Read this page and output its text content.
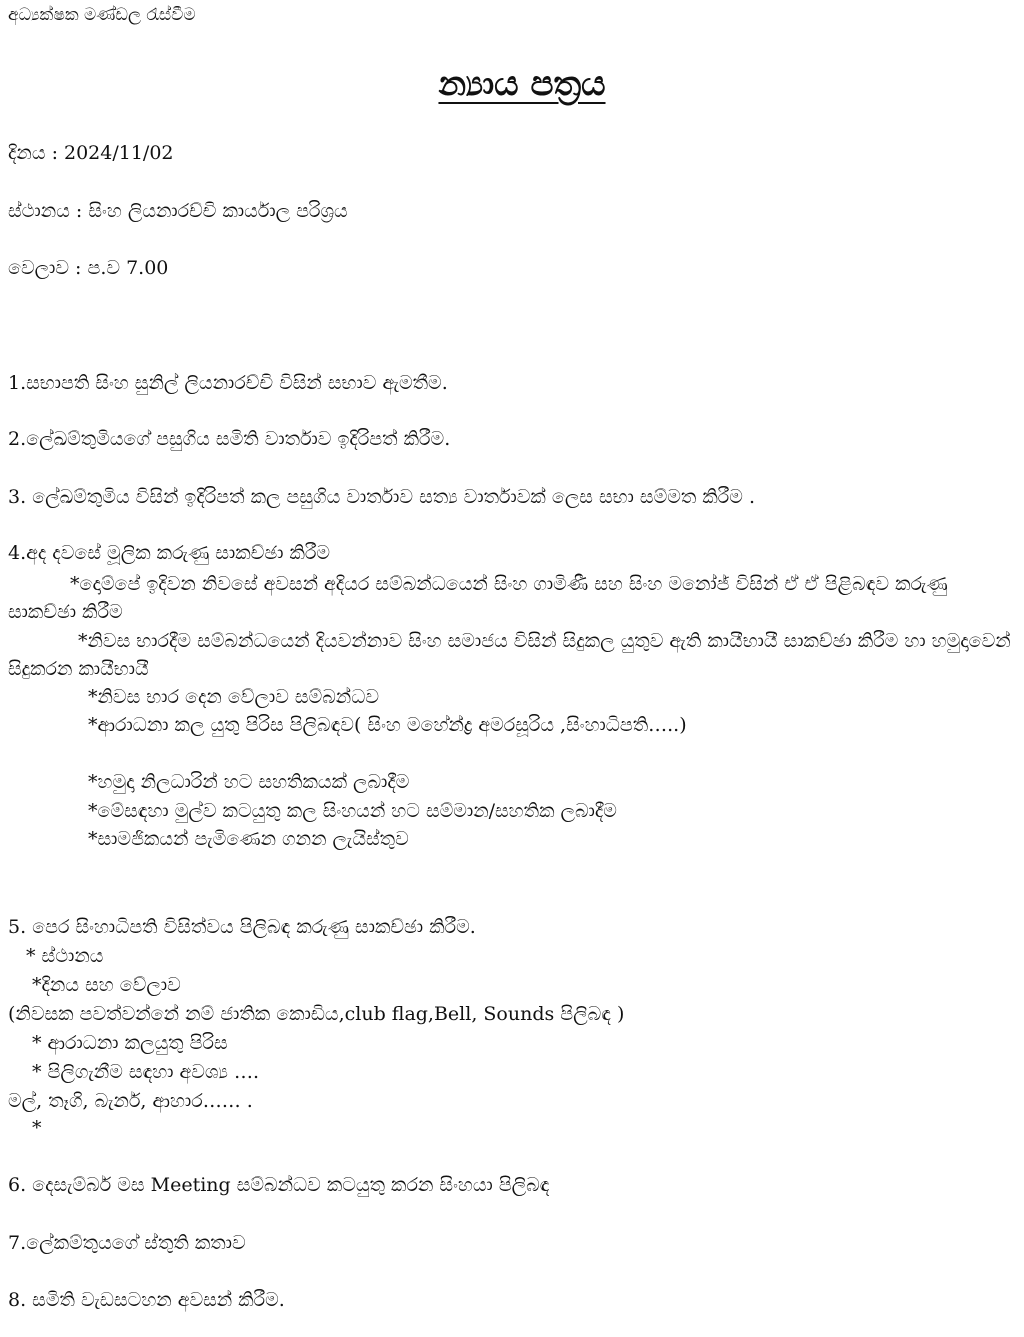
අධ්‍යක්ෂක මණ්ඩල රැස්වීම
න්‍යාය පත්‍රය
දිනය : 2024/11/02
ස්ථානය : සිංහ ලියනාරච්චි කාර්යාල පරිශ්‍රය
වෙලාව : ප.ව 7.00
1.සභාපති සිංහ සුනිල් ලියනාරච්චි විසින් සභාව ඇමතීම.
2.ලේඛම්තුමියගේ පසුගිය සමිති වාර්තාව ඉදිරිපත් කිරීම.
3. ලේඛම්තුමිය විසින් ඉදිරිපත් කල පසුගිය වාර්තාව සත්‍ය වාර්තාවක් ලෙස සභා සම්මත කිරීම .
4.අද දවසේ මූලික කරුණු සාකච්ඡා කිරීම
*දොම්පේ ඉදිවන නිවසේ අවසන් අදියර සම්බන්ධයෙන් සිංහ ගාමිණී සහ සිංහ මනෝජ් විසින් ඒ ඒ පිළිබඳව කරුණු සාකච්ඡා කිරීම
*නිවස භාරදීම සම්බන්ධයෙන් දියවන්නාව සිංහ සමාජය විසින් සිදුකල යුතුව ඇති කායීභායී සාකච්ඡා කිරීම හා හමුදාවෙන් සිදුකරන කායීභායී
*නිවස භාර දෙන වේලාව සම්බන්ධව
*ආරාධනා කල යුතු පිරිස පිලිබඳව( සිංහ මහේන්ද්‍ර අමරසූරිය ,සිංහාධිපති…..)
*හමුදා නිලධාරින් හට සහතිකයක් ලබාදීම
*මේසඳහා මුල්ව කටයුතු කල සිංහයන් හට සම්මාන/සහතික ලබාදීම
*සාමජිකයන් පැමිණෙන ගනන ලැයිස්තුව
5. පෙර සිංහාධිපති විසිත්වය පිලිබඳ කරුණු සාකච්ඡා කිරීම.
* ස්ථානය
*දිනය සහ වේලාව
(නිවසක පවත්වන්නේ නම් ජාතික කොඩිය,club flag,Bell, Sounds පිලිබඳ )
* ආරාධනා කලයුතු පිරිස
* පිලිගැනීම සඳහා අවශ්‍ය ….
මල්, තෑගි, බැනර්, ආහාර…… .
*
6. දෙසැම්බර් මස Meeting සම්බන්ධව කටයුතු කරන සිංහයා පිලිබඳ
7.ලේකම්තුයගේ ස්තුති කතාව
8. සමිති වැඩසටහන අවසන් කිරීම.
